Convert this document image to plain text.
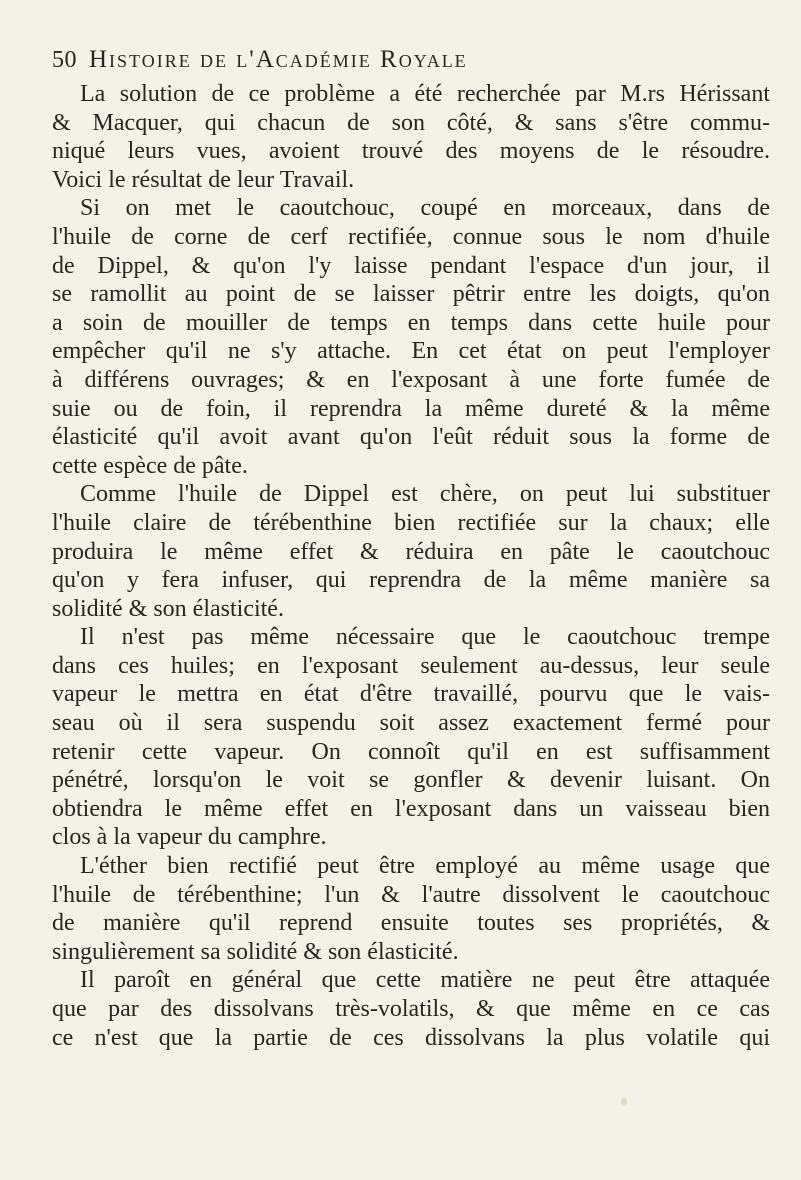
50 Histoire de l'Académie Royale

La solution de ce problème a été recherchée par M.rs Hérissant
& Macquer, qui chacun de son côté, & sans s'être commu-
niqué leurs vues, avoient trouvé des moyens de le résoudre.
Voici le résultat de leur Travail.

Si on met le caoutchouc, coupé en morceaux, dans de
l'huile de corne de cerf rectifiée, connue sous le nom d'huile
de Dippel, & qu'on l'y laisse pendant l'espace d'un jour, il
se ramollit au point de se laisser pêtrir entre les doigts, qu'on
a soin de mouiller de temps en temps dans cette huile pour
empêcher qu'il ne s'y attache. En cet état on peut l'employer
à différens ouvrages; & en l'exposant à une forte fumée de
suie ou de foin, il reprendra la même dureté & la même
élasticité qu'il avoit avant qu'on l'eût réduit sous la forme de
cette espèce de pâte.

Comme l'huile de Dippel est chère, on peut lui substituer
l'huile claire de térébenthine bien rectifiée sur la chaux; elle
produira le même effet & réduira en pâte le caoutchouc
qu'on y fera infuser, qui reprendra de la même manière sa
solidité & son élasticité.

Il n'est pas même nécessaire que le caoutchouc trempe
dans ces huiles; en l'exposant seulement au-dessus, leur seule
vapeur le mettra en état d'être travaillé, pourvu que le vais-
seau où il sera suspendu soit assez exactement fermé pour
retenir cette vapeur. On connoît qu'il en est suffisamment
pénétré, lorsqu'on le voit se gonfler & devenir luisant. On
obtiendra le même effet en l'exposant dans un vaisseau bien
clos à la vapeur du camphre.

L'éther bien rectifié peut être employé au même usage que
l'huile de térébenthine; l'un & l'autre dissolvent le caoutchouc
de manière qu'il reprend ensuite toutes ses propriétés, &
singulièrement sa solidité & son élasticité.

Il paroît en général que cette matière ne peut être attaquée
que par des dissolvans très-volatils, & que même en ce cas
ce n'est que la partie de ces dissolvans la plus volatile qui
